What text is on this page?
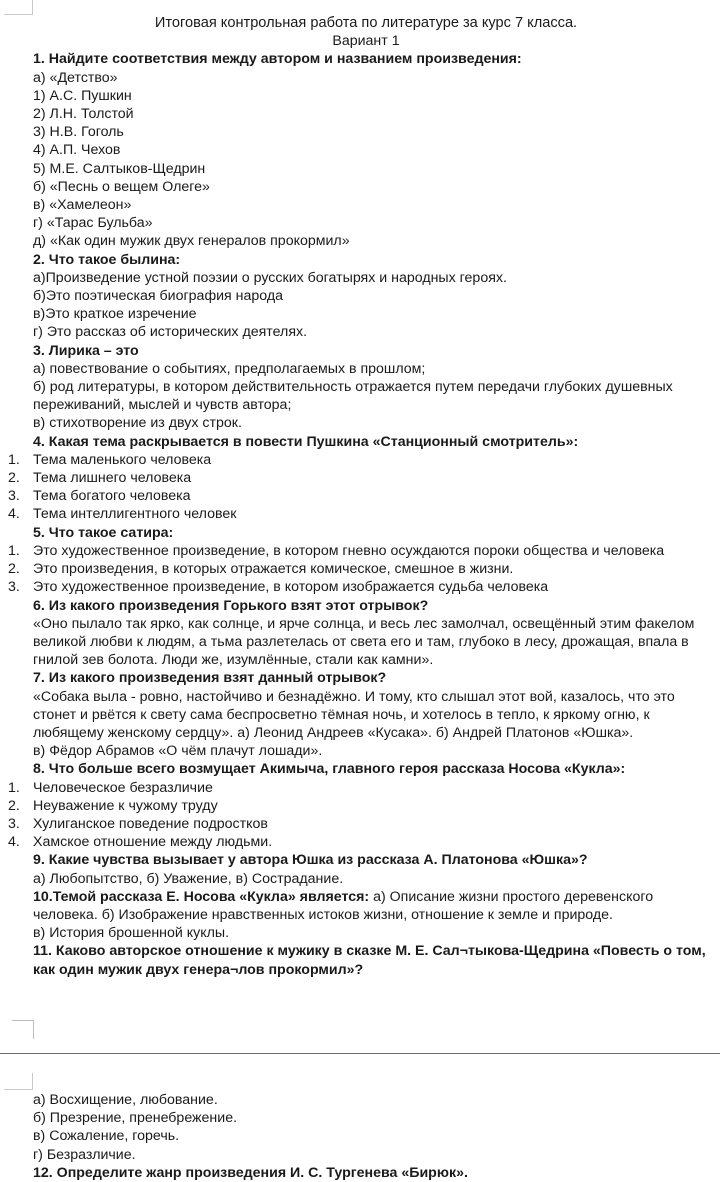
Итоговая контрольная работа по литературе за курс 7 класса.
Вариант 1
1. Найдите соответствия между автором и названием произведения:
а) «Детство»
1) А.С. Пушкин
2) Л.Н. Толстой
3) Н.В. Гоголь
4) А.П. Чехов
5) М.Е. Салтыков-Щедрин
б) «Песнь о вещем Олеге»
в) «Хамелеон»
г) «Тарас Бульба»
д) «Как один мужик двух генералов прокормил»
2. Что такое былина:
а)Произведение устной поэзии о русских богатырях и народных героях.
б)Это поэтическая биография народа
в)Это краткое изречение
г) Это рассказ об исторических деятелях.
3. Лирика – это
а) повествование о событиях, предполагаемых в прошлом;
б) род литературы, в котором действительность отражается путем передачи глубоких душевных переживаний, мыслей и чувств автора;
в) стихотворение из двух строк.
4. Какая тема раскрывается в повести Пушкина «Станционный смотритель»:
1. Тема маленького человека
2. Тема лишнего человека
3. Тема богатого человека
4. Тема интеллигентного человек
5. Что такое сатира:
1. Это художественное произведение, в котором гневно осуждаются пороки общества и человека
2. Это произведения, в которых отражается комическое, смешное в жизни.
3. Это художественное произведение, в котором изображается судьба человека
6. Из какого произведения Горького взят этот отрывок?
«Оно пылало так ярко, как солнце, и ярче солнца, и весь лес замолчал, освещённый этим факелом великой любви к людям, а тьма разлетелась от света его и там, глубоко в лесу, дрожащая, впала в гнилой зев болота. Люди же, изумлённые, стали как камни».
7. Из какого произведения взят данный отрывок?
«Собака выла - ровно, настойчиво и безнадёжно. И тому, кто слышал этот вой, казалось, что это стонет и рвётся к свету сама беспросветно тёмная ночь, и хотелось в тепло, к яркому огню, к любящему женскому сердцу». а) Леонид Андреев «Кусака». б) Андрей Платонов «Юшка».
в) Фёдор Абрамов «О чём плачут лошади».
8. Что больше всего возмущает Акимыча, главного героя рассказа Носова «Кукла»:
1. Человеческое безразличие
2. Неуважение к чужому труду
3. Хулиганское поведение подростков
4. Хамское отношение между людьми.
9. Какие чувства вызывает у автора Юшка из рассказа А. Платонова «Юшка»?
а) Любопытство, б) Уважение, в) Сострадание.
10.Темой рассказа Е. Носова «Кукла» является: а) Описание жизни простого деревенского человека. б) Изображение нравственных истоков жизни, отношение к земле и природе.
в) История брошенной куклы.
11. Каково авторское отношение к мужику в сказке М. Е. Сал¬тыкова-Щедрина «Повесть о том, как один мужик двух генера¬лов прокормил»?
а) Восхищение, любование.
б) Презрение, пренебрежение.
в) Сожаление, горечь.
г) Безразличие.
12. Определите жанр произведения И. С. Тургенева «Бирюк».
